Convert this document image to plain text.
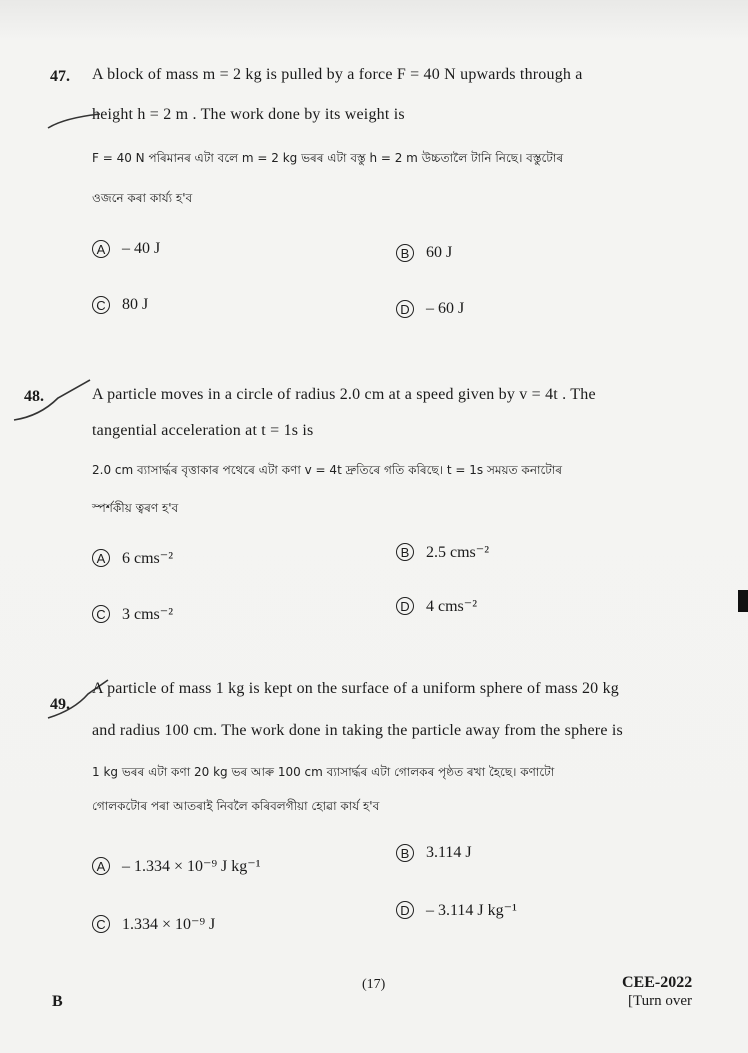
47. A block of mass m = 2 kg is pulled by a force F = 40 N upwards through a
height h = 2 m . The work done by its weight is
F = 40 N পৰিমানৰ এটা বলে m = 2 kg ভৰৰ এটা বস্তু h = 2 m উচ্চতালৈ টানি নিছে। বস্তুটোৰ
ওজনে কৰা কাৰ্য্য হ'ব
A – 40 J	B 60 J
C 80 J	D – 60 J
48.	A particle moves in a circle of radius 2.0 cm at a speed given by v = 4t . The
tangential acceleration at t = 1s is
2.0 cm ব্যাসাৰ্দ্ধৰ বৃত্তাকাৰ পথেৰে এটা কণা v = 4t দ্ৰুতিৰে গতি কৰিছে। t = 1s সময়ত কনাটোৰ
স্পৰ্শকীয় ত্বৰণ হ'ব
A 6 cms⁻²	B 2.5 cms⁻²
C 3 cms⁻²	D 4 cms⁻²
49.
A particle of mass 1 kg is kept on the surface of a uniform sphere of mass 20 kg
and radius 100 cm. The work done in taking the particle away from the sphere is
1 kg ভৰৰ এটা কণা 20 kg ভৰ আৰু 100 cm ব্যাসাৰ্দ্ধৰ এটা গোলকৰ পৃষ্ঠত ৰখা হৈছে। কণাটো
গোলকটোৰ পৰা আতৰাই নিবলৈ কৰিবলগীয়া হোৱা কাৰ্য হ'ব
A – 1.334 × 10⁻⁹ J kg⁻¹
B 3.114 J
C 1.334 × 10⁻⁹ J
D – 3.114 J kg⁻¹
(17)	CEE-2022
[Turn over
B
